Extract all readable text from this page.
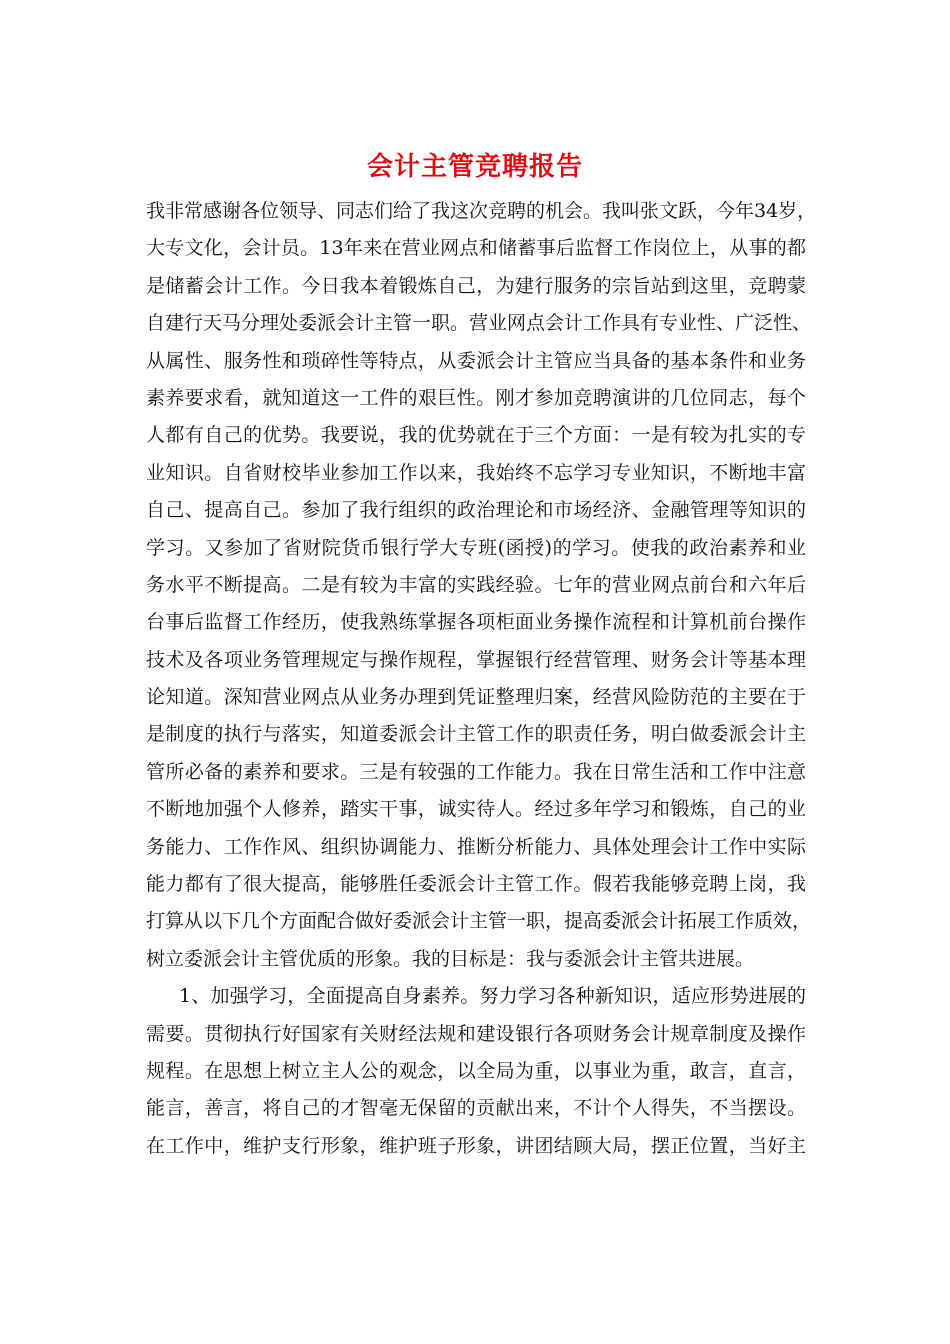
会计主管竞聘报告
我非常感谢各位领导、同志们给了我这次竞聘的机会。我叫张文跃，今年34岁，
大专文化，会计员。13年来在营业网点和储蓄事后监督工作岗位上，从事的都
是储蓄会计工作。今日我本着锻炼自己，为建行服务的宗旨站到这里，竞聘蒙
自建行天马分理处委派会计主管一职。营业网点会计工作具有专业性、广泛性、
从属性、服务性和琐碎性等特点，从委派会计主管应当具备的基本条件和业务
素养要求看，就知道这一工件的艰巨性。刚才参加竞聘演讲的几位同志，每个
人都有自己的优势。我要说，我的优势就在于三个方面：一是有较为扎实的专
业知识。自省财校毕业参加工作以来，我始终不忘学习专业知识，不断地丰富
自己、提高自己。参加了我行组织的政治理论和市场经济、金融管理等知识的
学习。又参加了省财院货币银行学大专班(函授)的学习。使我的政治素养和业
务水平不断提高。二是有较为丰富的实践经验。七年的营业网点前台和六年后
台事后监督工作经历，使我熟练掌握各项柜面业务操作流程和计算机前台操作
技术及各项业务管理规定与操作规程，掌握银行经营管理、财务会计等基本理
论知道。深知营业网点从业务办理到凭证整理归案，经营风险防范的主要在于
是制度的执行与落实，知道委派会计主管工作的职责任务，明白做委派会计主
管所必备的素养和要求。三是有较强的工作能力。我在日常生活和工作中注意
不断地加强个人修养，踏实干事，诚实待人。经过多年学习和锻炼，自己的业
务能力、工作作风、组织协调能力、推断分析能力、具体处理会计工作中实际
能力都有了很大提高，能够胜任委派会计主管工作。假若我能够竞聘上岗，我
打算从以下几个方面配合做好委派会计主管一职，提高委派会计拓展工作质效，
树立委派会计主管优质的形象。我的目标是：我与委派会计主管共进展。
1、加强学习，全面提高自身素养。努力学习各种新知识，适应形势进展的
需要。贯彻执行好国家有关财经法规和建设银行各项财务会计规章制度及操作
规程。在思想上树立主人公的观念，以全局为重，以事业为重，敢言，直言，
能言，善言，将自己的才智毫无保留的贡献出来，不计个人得失，不当摆设。
在工作中，维护支行形象，维护班子形象，讲团结顾大局，摆正位置，当好主
